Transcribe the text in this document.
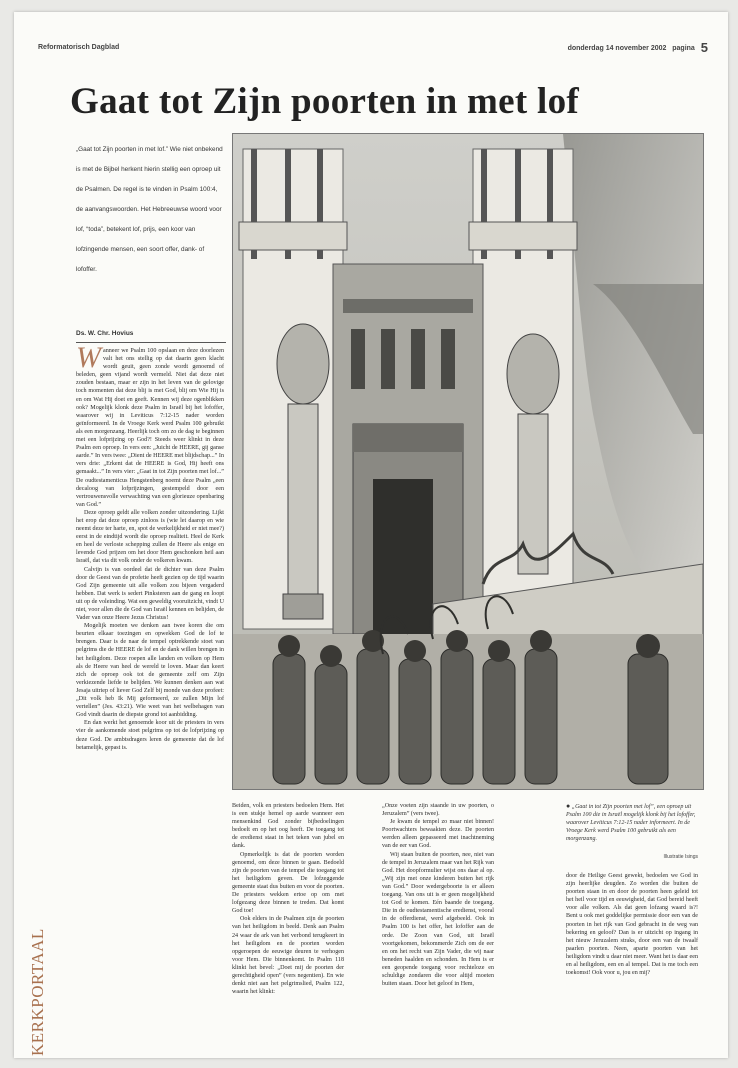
Reformatorisch Dagblad	donderdag 14 november 2002 pagina 5
Gaat tot Zijn poorten in met lof
„Gaat tot Zijn poorten in met lof.” Wie niet onbekend is met de Bijbel herkent hierin stellig een oproep uit de Psalmen. De regel is te vinden in Psalm 100:4, de aanvangswoorden. Het Hebreeuwse woord voor lof, “toda”, betekent lof, prijs, een koor van lofzingende mensen, een soort offer, dank- of lofoffer.
Ds. W. Chr. Hovius
W anneer we Psalm 100 opslaan en deze doorlezen valt het ons stellig op dat daarin geen klacht wordt geuit, geen zonde wordt genoemd of beleden, geen vijand wordt vermeld. Niet dat deze niet zouden bestaan, maar er zijn in het leven van de gelovige toch momenten dat deze blij is met God, blij om Wie Hij is en om Wat Hij doet en geeft. Kennen wij deze ogenblikken ook? Mogelijk klonk deze Psalm in Israël bij het lofoffer, waarover wij in Leviticus 7:12-15 nader worden geïnformeerd. In de Vroege Kerk werd Psalm 100 gebruikt als een morgenzang. Heerlijk toch om zo de dag te beginnen met een lofprijzing op God?! Steeds weer klinkt in deze Psalm een oproep. In vers een: „Juicht de HEERE, gij ganse aarde.” In vers twee: „Dient de HEERE met blijdschap...” In vers drie: „Erkent dat de HEERE is God, Hij heeft ons gemaakt...” In vers vier: „Gaat in tot Zijn poorten met lof...” De oudtestamenticus Hengstenberg noemt deze Psalm „een decaloog van lofprijzingen, gestempeld door een vertrouwensvolle verwachting van een glorieuze openbaring van God.”

Deze oproep geldt alle volken zonder uitzondering. Lijkt het erop dat deze oproep zinloos is (wie let daarop en wie neemt deze ter harte, en, spot de werkelijkheid er niet mee?) eerst in de eindtijd wordt die oproep realiteit. Heel de Kerk en heel de verloste schepping zullen de Heere als enige en levende God prijzen om het door Hem geschonken heil aan Israël, dat via dit volk onder de volkeren kwam.

Calvijn is van oordeel dat de dichter van deze Psalm door de Geest van de profetie heeft gezien op de tijd waarin God Zijn gemeente uit alle volken zou bijeen vergaderd hebben. Dat werk is sedert Pinksteren aan de gang en loopt uit op de voleinding. Wat een geweldig vooruitzicht, vindt U niet, voor allen die de God van Israël kennen en belijden, de Vader van onze Heere Jezus Christus!

Mogelijk moeten we denken aan twee koren die om beurten elkaar toezingen en opwekken God de lof te brengen. Daar is de naar de tempel optrekkende stoet van pelgrims die de HEERE de lof en de dank willen brengen in het heiligdom. Deze roepen alle landen en volken op Hem als de Heere van heel de wereld te loven. Maar dan keert zich de oproep ook tot de gemeente zelf om Zijn verkiezende liefde te belijden. We kunnen denken aan wat Jesaja uitriep of liever God Zelf bij monde van deze profeet: „Dit volk heb Ik Mij geformeerd, ze zullen Mijn lof vertellen” (Jes. 43:21). Wie weet van het welbehagen van God vindt daarin de diepste grond tot aanbidding.

En dan werkt het genoemde koor uit de priesters in vers vier de aankomende stoet pelgrims op tot de lofprijzing op deze God. De ambtsdragers leren de gemeente dat de lof betamelijk, gepast is.

● „Gaat in tot Zijn poorten met lof”, een oproep uit Psalm 100 die in Israël mogelijk klonk bij het lofoffer, waarover Leviticus 7:12-15 nader informeert. In de Vroege Kerk werd Psalm 100 gebruikt als een morgenzang.
Illustratie Isings

Beiden, volk en priesters bedoelen Hem. Het is een stukje hemel op aarde wanneer een mensenkind God zonder bijbedoelingen bedoelt en op het oog heeft. De toegang tot de eredienst staat in het teken van jubel en dank.

Opmerkelijk is dat de poorten worden genoemd, om deze binnen te gaan. Bedoeld zijn de poorten van de tempel die toegang tot het heiligdom geven. De lofzeggende gemeente staat dus buiten en voor de poorten. De priesters wekken ertoe op om met lofgezang deze binnen te treden. Dat komt God toe!

Ook elders in de Psalmen zijn de poorten van het heiligdom in beeld. Denk aan Psalm 24 waar de ark van het verbond terugkeert in het heiligdom en de poorten worden opgeroepen de eeuwige deuren te verhogen voor Hem. Die binnenkomt. In Psalm 118 klinkt het bevel: „Doet mij de poorten der gerechtigheid open” (vers negentien). En wie denkt niet aan het pelgrimslied, Psalm 122, waarin het klinkt:

„Onze voeten zijn staande in uw poorten, o Jeruzalem” (vers twee).

Je kwam de tempel zo maar niet binnen! Poortwachters bewaakten deze. De poorten werden alleen gepasseerd met inachtneming van de eer van God.

Wij staan buiten de poorten, nee, niet van de tempel in Jeruzalem maar van het Rijk van God. Het doopformulier wijst ons daar al op. „Wij zijn met onze kinderen buiten het rijk van God.” Door wedergeboorte is er alleen toegang. Van ons uit is er geen mogelijkheid tot God te komen. Eén baande de toegang. Die in de oudtestamentische eredienst, vooral in de offerdienst, werd afgebeeld. Ook in Psalm 100 is het offer, het lofoffer aan de orde. De Zoon van God, uit Israël voortgekomen, bekommerde Zich om de eer en om het recht van Zijn Vader, die wij naar beneden haalden en schonden. In Hem is er een geopende toegang voor rechteloze en schuldige zondaren die voor altijd moeten buiten staan. Door het geloof in Hem,

door de Heilige Geest gewekt, bedoelen we God in zijn heerlijke deugden. Zo worden die buiten de poorten staan in en door de poorten heen geleid tot het heil voor tijd en eeuwigheid, dat God bereid heeft voor alle volken. Als dat geen lofzang waard is?! Bent u ook met goddelijke permissie door een van de poorten in het rijk van God gebracht in de weg van bekering en geloof? Dan is er uitzicht op ingang in het nieuw Jeruzalem straks, door een van de twaalf paarlen poorten. Neen, aparte poorten van het heiligdom vindt u daar niet meer. Want het is daar een en al heiligdom, een en al tempel. Dat is me toch een toekomst! Ook voor u, jou en mij?

KERKPORTAAL
